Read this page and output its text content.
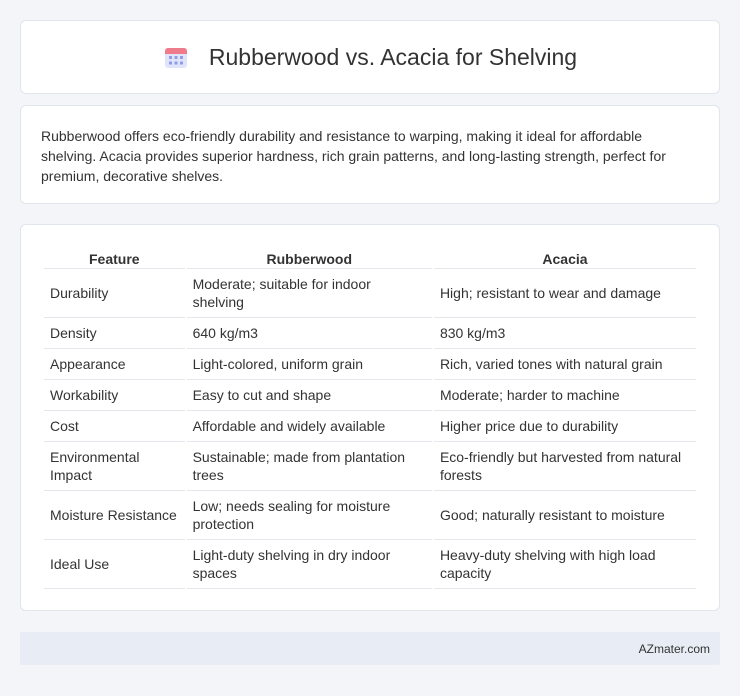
Rubberwood vs. Acacia for Shelving

Rubberwood offers eco-friendly durability and resistance to warping, making it ideal for affordable shelving. Acacia provides superior hardness, rich grain patterns, and long-lasting strength, perfect for premium, decorative shelves.

Feature	Rubberwood	Acacia
Durability	Moderate; suitable for indoor shelving	High; resistant to wear and damage
Density	640 kg/m3	830 kg/m3
Appearance	Light-colored, uniform grain	Rich, varied tones with natural grain
Workability	Easy to cut and shape	Moderate; harder to machine
Cost	Affordable and widely available	Higher price due to durability
Environmental Impact	Sustainable; made from plantation trees	Eco-friendly but harvested from natural forests
Moisture Resistance	Low; needs sealing for moisture protection	Good; naturally resistant to moisture
Ideal Use	Light-duty shelving in dry indoor spaces	Heavy-duty shelving with high load capacity
AZmater.com
